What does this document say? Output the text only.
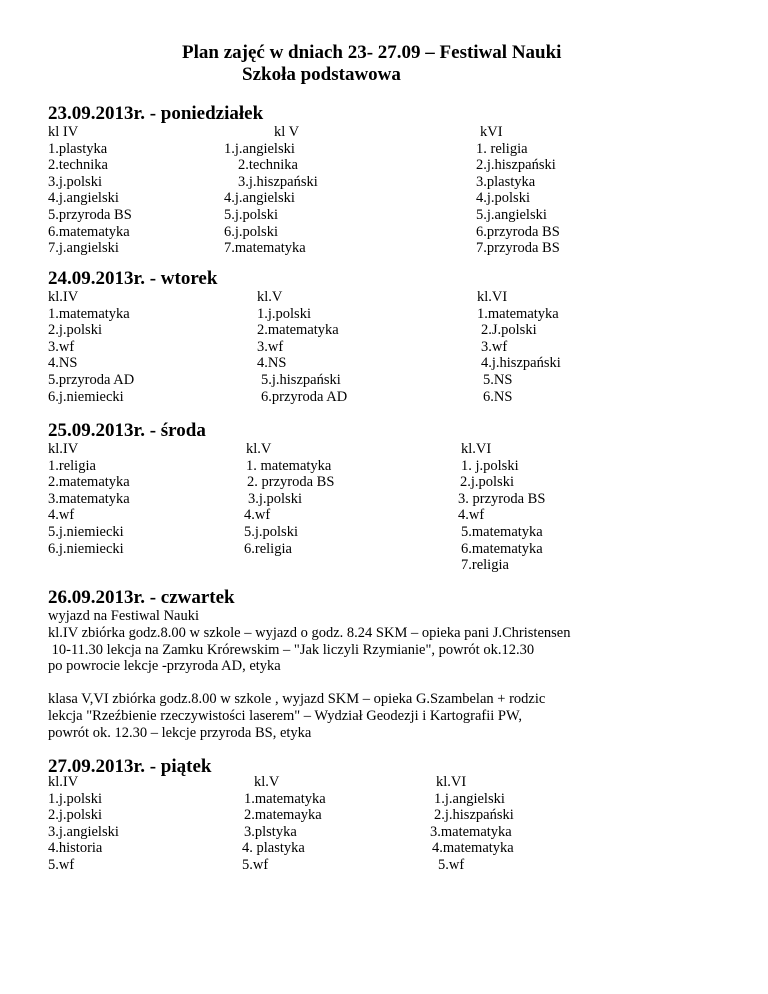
Plan zajęć w dniach 23- 27.09 – Festiwal Nauki
Szkoła podstawowa
23.09.2013r. - poniedziałek
kl IV
1.plastyka
2.technika
3.j.polski
4.j.angielski
5.przyroda BS
6.matematyka
7.j.angielski
kl V
1.j.angielski
2.technika
3.j.hiszpański
4.j.angielski
5.j.polski
6.j.polski
7.matematyka
kVI
1. religia
2.j.hiszpański
3.plastyka
4.j.polski
5.j.angielski
6.przyroda BS
7.przyroda BS
24.09.2013r. - wtorek
kl.IV
1.matematyka
2.j.polski
3.wf
4.NS
5.przyroda AD
6.j.niemiecki
kl.V
1.j.polski
2.matematyka
3.wf
4.NS
5.j.hiszpański
6.przyroda AD
kl.VI
1.matematyka
2.J.polski
3.wf
4.j.hiszpański
5.NS
6.NS
25.09.2013r. - środa
kl.IV
1.religia
2.matematyka
3.matematyka
4.wf
5.j.niemiecki
6.j.niemiecki
kl.V
1. matematyka
2. przyroda BS
3.j.polski
4.wf
5.j.polski
6.religia
kl.VI
1. j.polski
2.j.polski
3. przyroda BS
4.wf
5.matematyka
6.matematyka
7.religia
26.09.2013r. - czwartek
wyjazd na Festiwal Nauki
kl.IV zbiórka godz.8.00 w szkole – wyjazd o godz. 8.24 SKM – opieka pani J.Christensen
10-11.30 lekcja na Zamku Krórewskim – "Jak liczyli Rzymianie", powrót ok.12.30
po powrocie lekcje -przyroda AD, etyka
klasa V,VI zbiórka godz.8.00 w szkole , wyjazd SKM – opieka G.Szambelan + rodzic
lekcja "Rzeźbienie rzeczywistości laserem" – Wydział Geodezji i Kartografii PW,
powrót ok. 12.30 – lekcje przyroda BS, etyka
27.09.2013r. - piątek
kl.IV
1.j.polski
2.j.polski
3.j.angielski
4.historia
5.wf
kl.V
1.matematyka
2.matemayka
3.plstyka
4. plastyka
5.wf
kl.VI
1.j.angielski
2.j.hiszpański
3.matematyka
4.matematyka
5.wf
